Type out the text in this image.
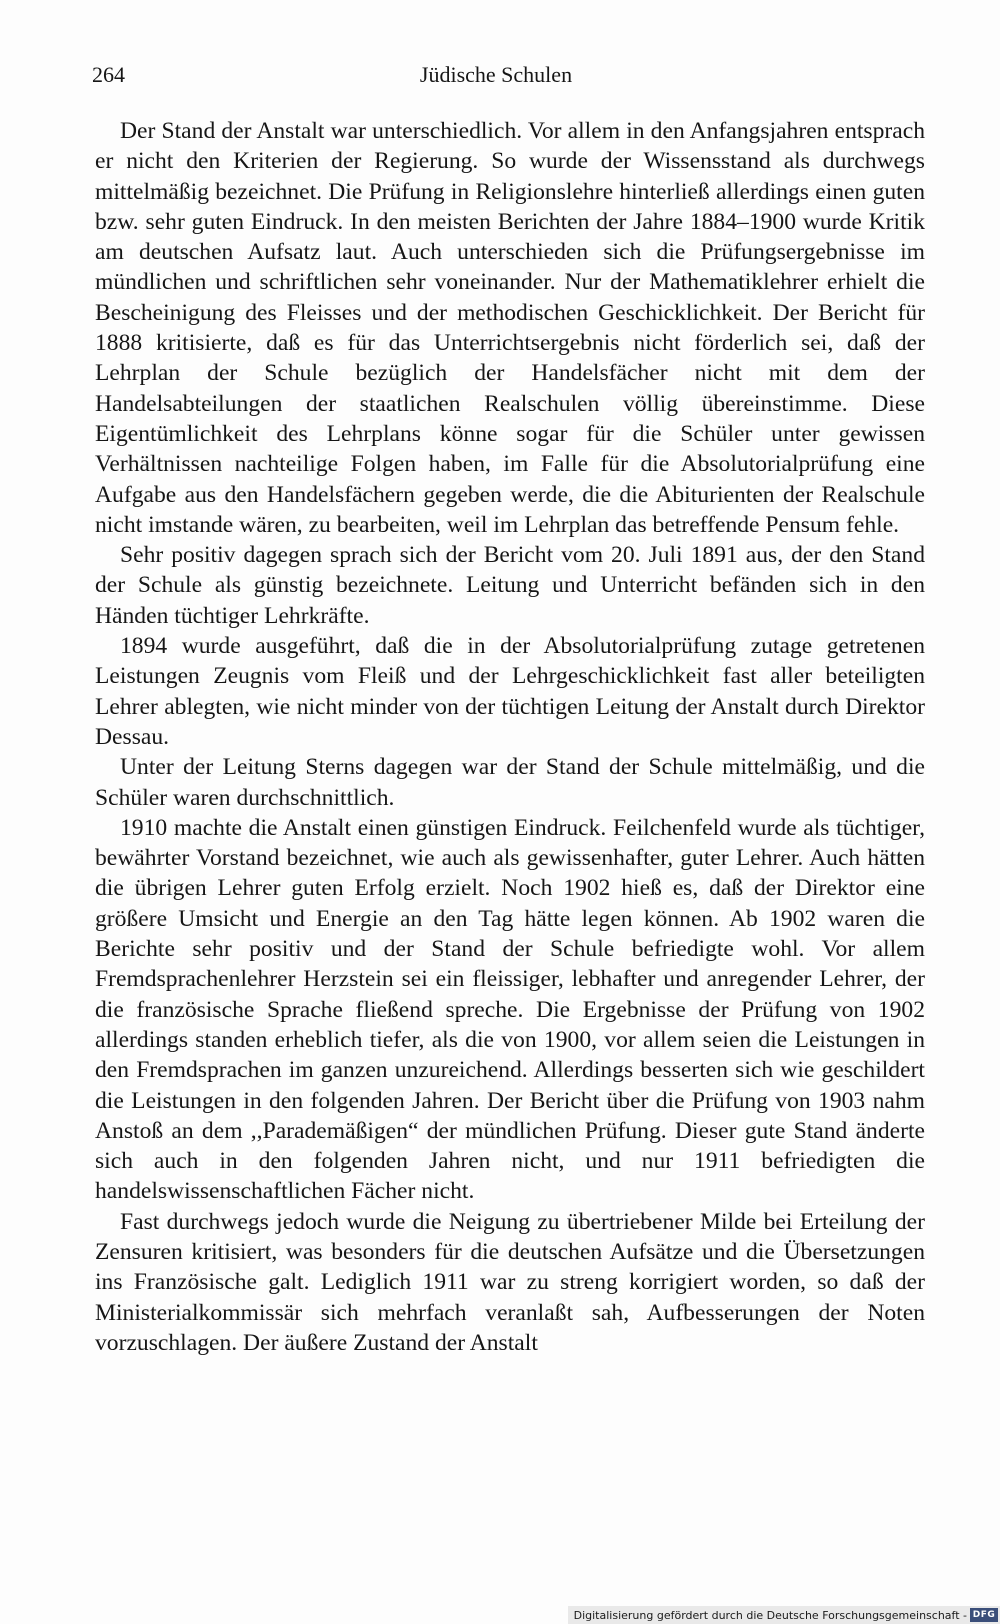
264	Jüdische Schulen

Der Stand der Anstalt war unterschiedlich. Vor allem in den Anfangsjahren entsprach er nicht den Kriterien der Regierung. So wurde der Wissensstand als durchwegs mittelmäßig bezeichnet. Die Prüfung in Religionslehre hinterließ allerdings einen guten bzw. sehr guten Eindruck. In den meisten Berichten der Jahre 1884–1900 wurde Kritik am deutschen Aufsatz laut. Auch unterschieden sich die Prüfungsergebnisse im mündlichen und schriftlichen sehr voneinander. Nur der Mathematiklehrer erhielt die Bescheinigung des Fleisses und der methodischen Geschicklichkeit. Der Bericht für 1888 kritisierte, daß es für das Unterrichtsergebnis nicht förderlich sei, daß der Lehrplan der Schule bezüglich der Handelsfächer nicht mit dem der Handelsabteilungen der staatlichen Realschulen völlig übereinstimme. Diese Eigentümlichkeit des Lehrplans könne sogar für die Schüler unter gewissen Verhältnissen nachteilige Folgen haben, im Falle für die Absolutorialprüfung eine Aufgabe aus den Handelsfächern gegeben werde, die die Abiturienten der Realschule nicht imstande wären, zu bearbeiten, weil im Lehrplan das betreffende Pensum fehle.

Sehr positiv dagegen sprach sich der Bericht vom 20. Juli 1891 aus, der den Stand der Schule als günstig bezeichnete. Leitung und Unterricht befänden sich in den Händen tüchtiger Lehrkräfte.

1894 wurde ausgeführt, daß die in der Absolutorialprüfung zutage getretenen Leistungen Zeugnis vom Fleiß und der Lehrgeschicklichkeit fast aller beteiligten Lehrer ablegten, wie nicht minder von der tüchtigen Leitung der Anstalt durch Direktor Dessau.

Unter der Leitung Sterns dagegen war der Stand der Schule mittelmäßig, und die Schüler waren durchschnittlich.

1910 machte die Anstalt einen günstigen Eindruck. Feilchenfeld wurde als tüchtiger, bewährter Vorstand bezeichnet, wie auch als gewissenhafter, guter Lehrer. Auch hätten die übrigen Lehrer guten Erfolg erzielt. Noch 1902 hieß es, daß der Direktor eine größere Umsicht und Energie an den Tag hätte legen können. Ab 1902 waren die Berichte sehr positiv und der Stand der Schule befriedigte wohl. Vor allem Fremdsprachenlehrer Herzstein sei ein fleissiger, lebhafter und anregender Lehrer, der die französische Sprache fließend spreche. Die Ergebnisse der Prüfung von 1902 allerdings standen erheblich tiefer, als die von 1900, vor allem seien die Leistungen in den Fremdsprachen im ganzen unzureichend. Allerdings besserten sich wie geschildert die Leistungen in den folgenden Jahren. Der Bericht über die Prüfung von 1903 nahm Anstoß an dem ,,Parademäßigen“ der mündlichen Prüfung. Dieser gute Stand änderte sich auch in den folgenden Jahren nicht, und nur 1911 befriedigten die handelswissenschaftlichen Fächer nicht.

Fast durchwegs jedoch wurde die Neigung zu übertriebener Milde bei Erteilung der Zensuren kritisiert, was besonders für die deutschen Aufsätze und die Übersetzungen ins Französische galt. Lediglich 1911 war zu streng korrigiert worden, so daß der Ministerialkommissär sich mehrfach veranlaßt sah, Aufbesserungen der Noten vorzuschlagen. Der äußere Zustand der Anstalt

Digitalisierung gefördert durch die Deutsche Forschungsgemeinschaft - DFG
